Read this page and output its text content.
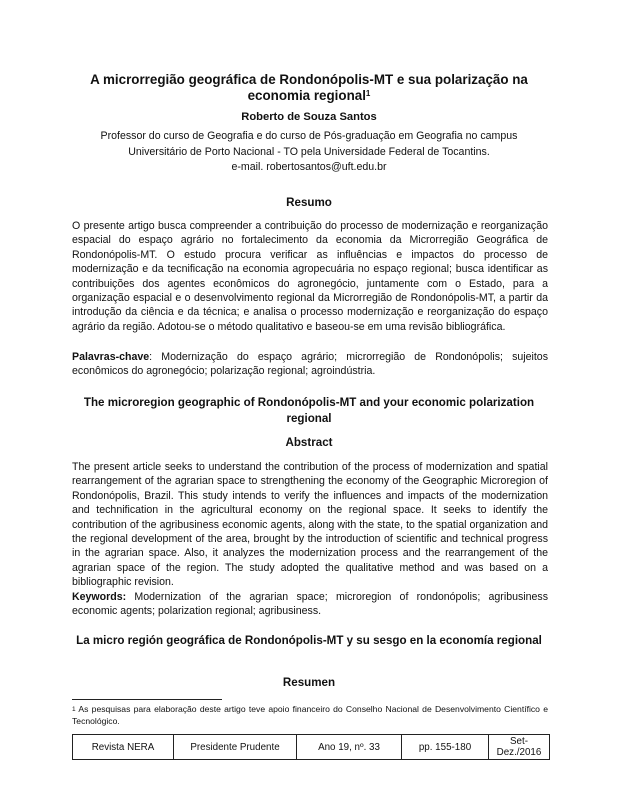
A microrregião geográfica de Rondonópolis-MT e sua polarização na
economia regional$^1$
Roberto de Souza Santos
Professor do curso de Geografia e do curso de Pós-graduação em Geografia no campus
Universitário de Porto Nacional - TO pela Universidade Federal de Tocantins.
e-mail. robertosantos@uft.edu.br
Resumo
O presente artigo busca compreender a contribuição do processo de modernização e reorganização espacial do espaço agrário no fortalecimento da economia da Microrregião Geográfica de Rondonópolis-MT. O estudo procura verificar as influências e impactos do processo de modernização e da tecnificação na economia agropecuária no espaço regional; busca identificar as contribuições dos agentes econômicos do agronegócio, juntamente com o Estado, para a organização espacial e o desenvolvimento regional da Microrregião de Rondonópolis-MT, a partir da introdução da ciência e da técnica; e analisa o processo modernização e reorganização do espaço agrário da região. Adotou-se o método qualitativo e baseou-se em uma revisão bibliográfica.
Palavras-chave: Modernização do espaço agrário; microrregião de Rondonópolis; sujeitos econômicos do agronegócio; polarização regional; agroindústria.
The microregion geographic of Rondonópolis-MT and your economic polarization regional
Abstract
The present article seeks to understand the contribution of the process of modernization and spatial rearrangement of the agrarian space to strengthening the economy of the Geographic Microregion of Rondonópolis, Brazil. This study intends to verify the influences and impacts of the modernization and technification in the agricultural economy on the regional space. It seeks to identify the contribution of the agribusiness economic agents, along with the state, to the spatial organization and the regional development of the area, brought by the introduction of scientific and technical progress in the agrarian space. Also, it analyzes the modernization process and the rearrangement of the agrarian space of the region. The study adopted the qualitative method and was based on a bibliographic revision.
Keywords: Modernization of the agrarian space; microregion of rondonópolis; agribusiness economic agents; polarization regional; agribusiness.
La micro región geográfica de Rondonópolis-MT y su sesgo en la economía regional
Resumen
$^1$ As pesquisas para elaboração deste artigo teve apoio financeiro do Conselho Nacional de Desenvolvimento Científico e Tecnológico.
Revista NERA	Presidente Prudente	Ano 19, nº. 33	pp. 155-180	Set-Dez./2016
